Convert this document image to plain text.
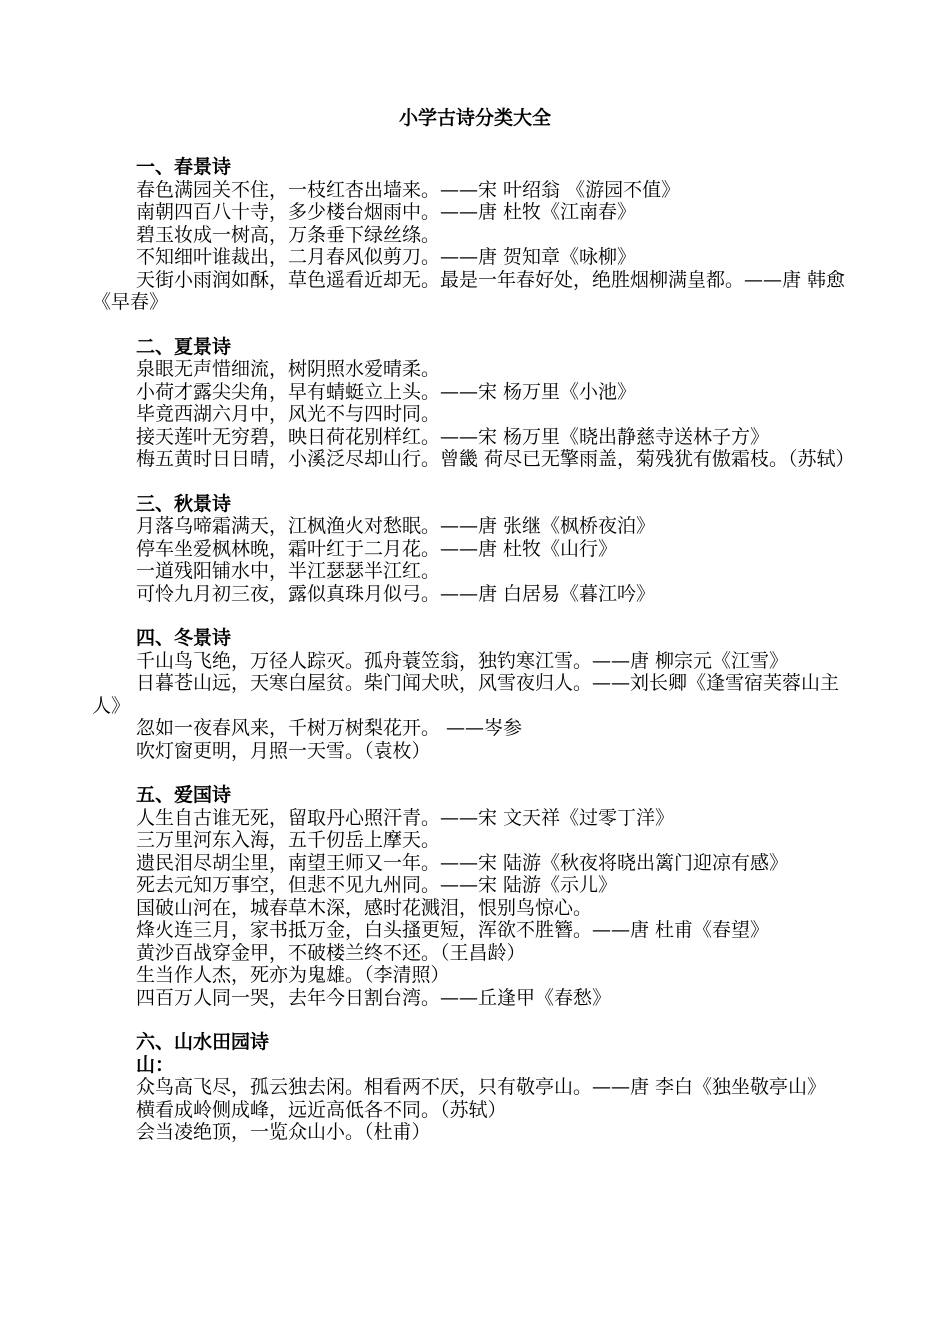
小学古诗分类大全
一、春景诗
春色满园关不住，一枝红杏出墙来。——宋 叶绍翁 《游园不值》
南朝四百八十寺，多少楼台烟雨中。——唐 杜牧《江南春》
碧玉妆成一树高，万条垂下绿丝绦。
不知细叶谁裁出，二月春风似剪刀。——唐 贺知章《咏柳》
天街小雨润如酥，草色遥看近却无。最是一年春好处，绝胜烟柳满皇都。——唐 韩愈《早春》
二、夏景诗
泉眼无声惜细流，树阴照水爱晴柔。
小荷才露尖尖角，早有蜻蜓立上头。——宋 杨万里《小池》
毕竟西湖六月中，风光不与四时同。
接天莲叶无穷碧，映日荷花别样红。——宋 杨万里《晓出静慈寺送林子方》
梅五黄时日日晴，小溪泛尽却山行。曾畿 荷尽已无擎雨盖，菊残犹有傲霜枝。（苏轼）
三、秋景诗
月落乌啼霜满天，江枫渔火对愁眠。——唐 张继《枫桥夜泊》
停车坐爱枫林晚，霜叶红于二月花。——唐 杜牧《山行》
一道残阳铺水中，半江瑟瑟半江红。
可怜九月初三夜，露似真珠月似弓。——唐 白居易《暮江吟》
四、冬景诗
千山鸟飞绝，万径人踪灭。孤舟蓑笠翁，独钓寒江雪。——唐 柳宗元《江雪》
日暮苍山远，天寒白屋贫。柴门闻犬吠，风雪夜归人。——刘长卿《逢雪宿芙蓉山主人》
忽如一夜春风来，千树万树梨花开。 ——岑参
吹灯窗更明，月照一天雪。（袁枚）
五、爱国诗
人生自古谁无死，留取丹心照汗青。——宋 文天祥《过零丁洋》
三万里河东入海，五千仞岳上摩天。
遗民泪尽胡尘里，南望王师又一年。——宋 陆游《秋夜将晓出篱门迎凉有感》
死去元知万事空，但悲不见九州同。——宋 陆游《示儿》
国破山河在，城春草木深，感时花溅泪，恨别鸟惊心。
烽火连三月，家书抵万金，白头搔更短，浑欲不胜簪。——唐 杜甫《春望》
黄沙百战穿金甲，不破楼兰终不还。（王昌龄）
生当作人杰，死亦为鬼雄。（李清照）
四百万人同一哭，去年今日割台湾。——丘逢甲《春愁》
六、山水田园诗
山：
众鸟高飞尽，孤云独去闲。相看两不厌，只有敬亭山。——唐 李白《独坐敬亭山》
横看成岭侧成峰，远近高低各不同。（苏轼）
会当凌绝顶，一览众山小。（杜甫）
